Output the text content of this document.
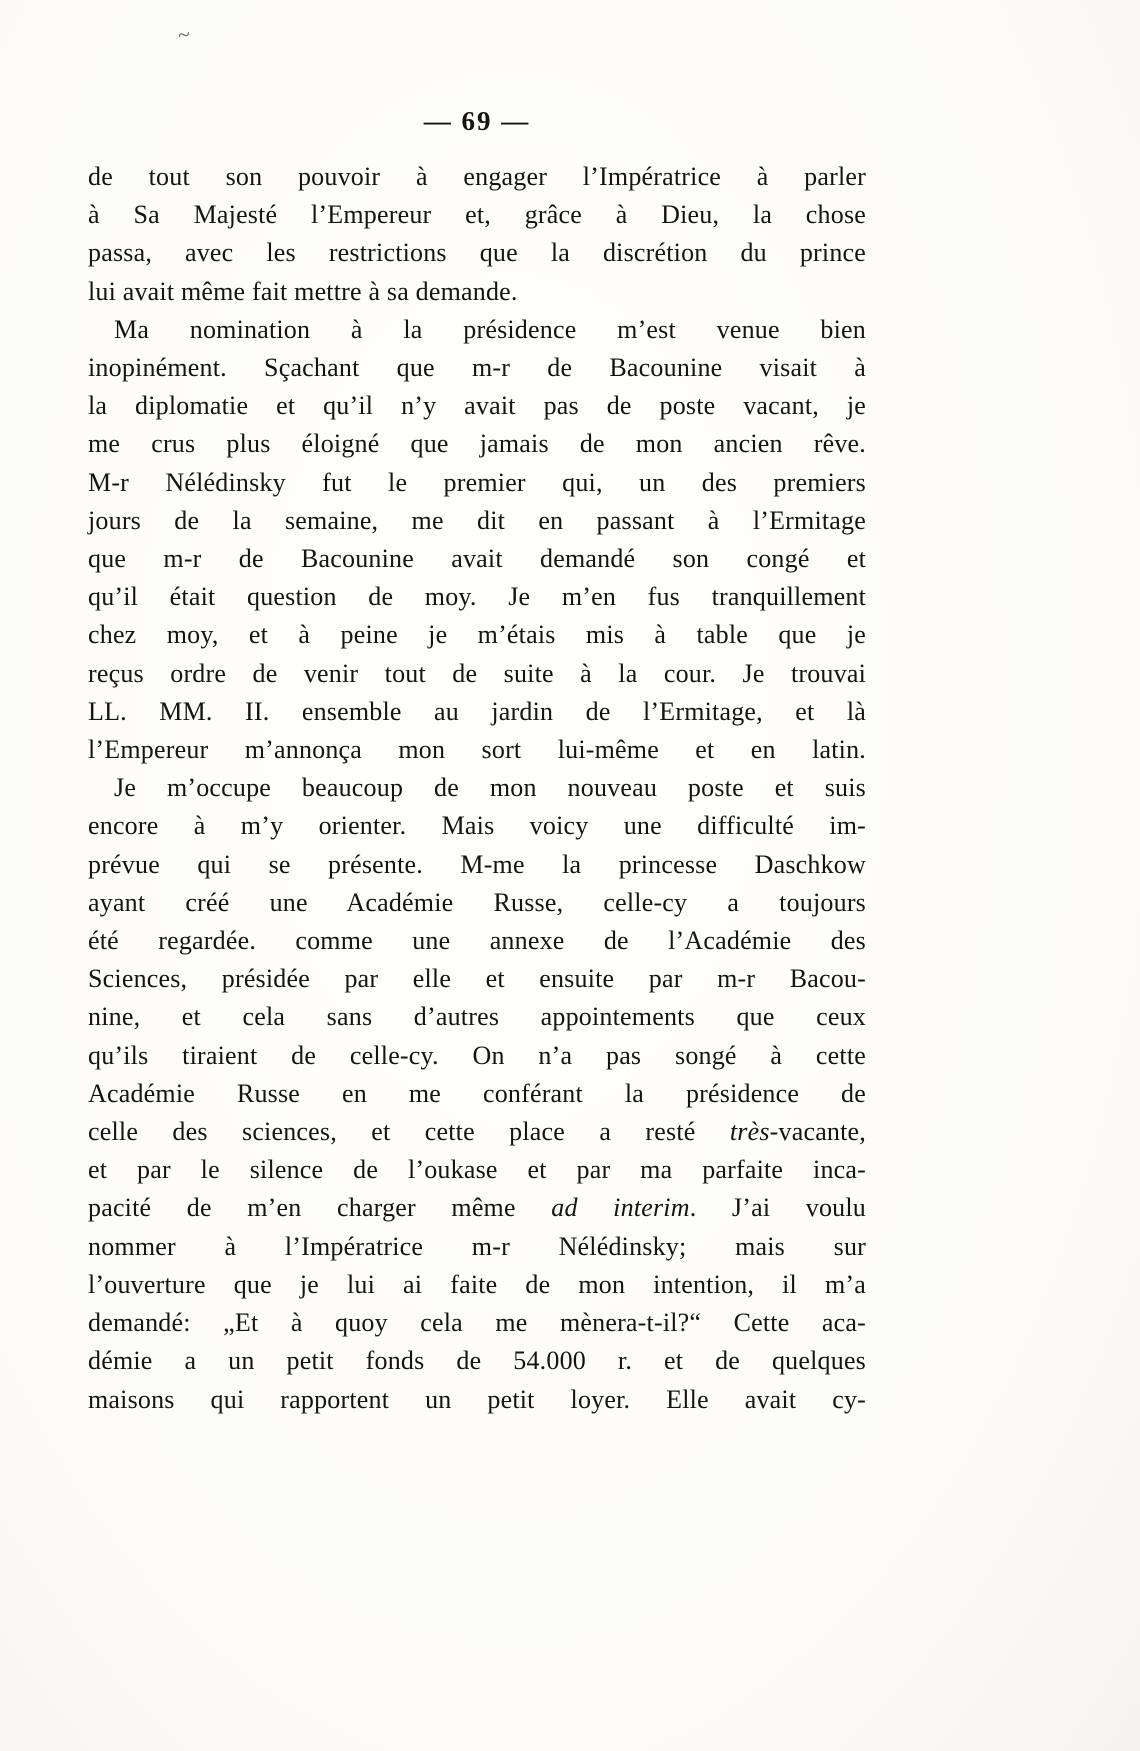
~
— 69 —
de tout son pouvoir à engager l’Impératrice à parler
à Sa Majesté l’Empereur et, grâce à Dieu, la chose
passa, avec les restrictions que la discrétion du prince
lui avait même fait mettre à sa demande.
Ma nomination à la présidence m’est venue bien
inopinément. Sçachant que m-r de Bacounine visait à
la diplomatie et qu’il n’y avait pas de poste vacant, je
me crus plus éloigné que jamais de mon ancien rêve.
M-r Nélédinsky fut le premier qui, un des premiers
jours de la semaine, me dit en passant à l’Ermitage
que m-r de Bacounine avait demandé son congé et
qu’il était question de moy. Je m’en fus tranquillement
chez moy, et à peine je m’étais mis à table que je
reçus ordre de venir tout de suite à la cour. Je trouvai
LL. MM. II. ensemble au jardin de l’Ermitage, et là
l’Empereur m’annonça mon sort lui-même et en latin.
Je m’occupe beaucoup de mon nouveau poste et suis
encore à m’y orienter. Mais voicy une difficulté im-
prévue qui se présente. M-me la princesse Daschkow
ayant créé une Académie Russe, celle-cy a toujours
été regardée. comme une annexe de l’Académie des
Sciences, présidée par elle et ensuite par m-r Bacou-
nine, et cela sans d’autres appointements que ceux
qu’ils tiraient de celle-cy. On n’a pas songé à cette
Académie Russe en me conférant la présidence de
celle des sciences, et cette place a resté très-vacante,
et par le silence de l’oukase et par ma parfaite inca-
pacité de m’en charger même ad interim. J’ai voulu
nommer à l’Impératrice m-r Nélédinsky; mais sur
l’ouverture que je lui ai faite de mon intention, il m’a
demandé: „Et à quoy cela me mènera-t-il?“ Cette aca-
démie a un petit fonds de 54.000 r. et de quelques
maisons qui rapportent un petit loyer. Elle avait cy-
